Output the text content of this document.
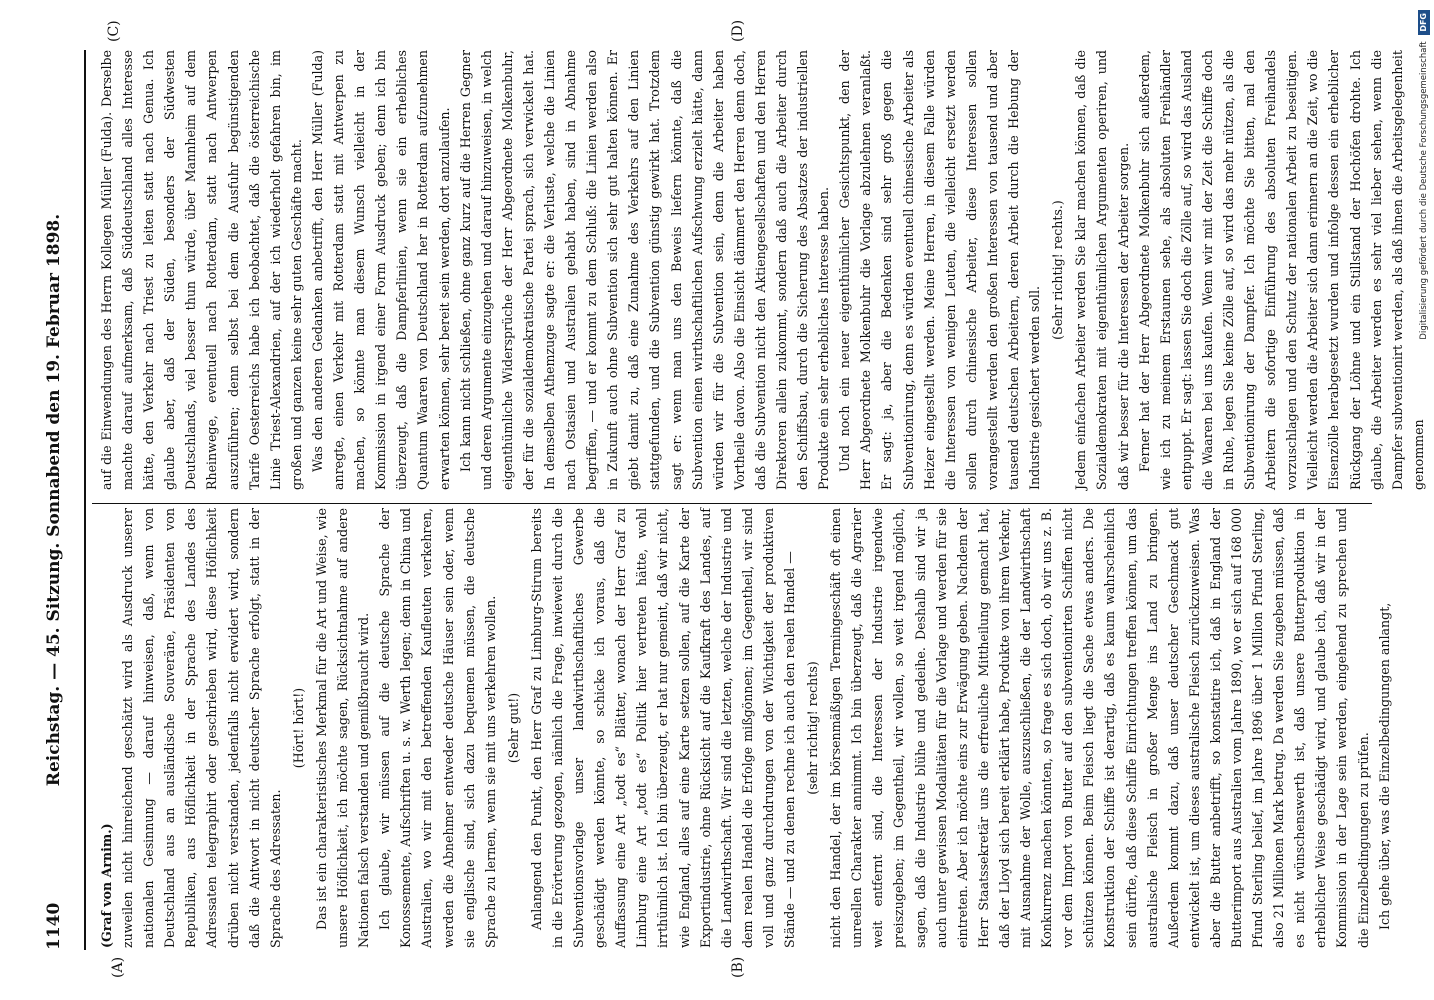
1140
Reichstag. — 45. Sitzung. Sonnabend den 19. Februar 1898.
(A)	(B)
(C)	(D)

(Graf von Arnim.) zuweilen nicht hinreichend geschätzt wird als Ausdruck unserer nationalen Gesinnung — darauf hinweisen, daß, wenn von Deutschland aus an ausländische Souveräne, Präsidenten von Republiken, aus Höflichkeit in der Sprache des Landes des Adressaten telegraphirt oder geschrieben wird, diese Höflichkeit drüben nicht verstanden, jedenfalls nicht erwidert wird, sondern daß die Antwort in nicht deutscher Sprache erfolgt, statt in der Sprache des Adressaten.

(Hört! hört!) Das ist ein charakteristisches Merkmal für die Art und Weise, wie unsere Höflichkeit, ich möchte sagen, Rücksichtnahme auf andere Nationen falsch verstanden und gemißbraucht wird. Ich glaube, wir müssen auf die deutsche Sprache der Konossemente, Aufschriften u. s. w. Werth legen; denn in China und Australien, wo wir mit den betreffenden Kaufleuten verkehren, werden die Abnehmer entweder deutsche Häuser sein oder, wenn sie englische sind, sich dazu bequemen müssen, die deutsche Sprache zu lernen, wenn sie mit uns verkehren wollen. (Sehr gut!) Anlangend den Punkt, den Herr Graf zu Limburg-Stirum bereits in die Erörterung gezogen, nämlich die Frage, inwieweit durch die Subventionsvorlage unser landwirthschaftliches Gewerbe geschädigt werden könnte, so schicke ich voraus, daß die Auffassung eine Art „todt es“ Blätter, wonach der Herr Graf zu Limburg eine Art „todt es“ Politik hier vertreten hätte, wohl irrthümlich ist. Ich bin überzeugt, er hat nur gemeint, daß wir nicht, wie England, alles auf eine Karte setzen sollen, auf die Karte der Exportindustrie, ohne Rücksicht auf die Kaufkraft des Landes, auf die Landwirthschaft. Wir sind die letzten, welche der Industrie und dem realen Handel die Erfolge mißgönnen; im Gegentheil, wir sind voll und ganz durchdrungen von der Wichtigkeit der produktiven Stände — und zu denen rechne ich auch den realen Handel — (sehr richtig! rechts) nicht den Handel, der im börsenmäßigen Termingeschäft oft einen unreellen Charakter annimmt. Ich bin überzeugt, daß die Agrarier weit entfernt sind, die Interessen der Industrie irgendwie preiszugeben; im Gegentheil, wir wollen, so weit irgend möglich, sagen, daß die Industrie blühe und gedeihe. Deshalb sind wir ja auch unter gewissen Modalitäten für die Vorlage und werden für sie eintreten. Aber ich möchte eins zur Erwägung geben. Nachdem der Herr Staatssekretär uns die erfreuliche Mittheilung gemacht hat, daß der Lloyd sich bereit erklärt habe, Produkte von ihrem Verkehr, mit Ausnahme der Wolle, auszuschließen, die der Landwirthschaft Konkurrenz machen könnten, so frage es sich doch, ob wir uns z. B. vor dem Import von Butter auf den subventionirten Schiffen nicht schützen können. Beim Fleisch liegt die Sache etwas anders. Die Konstruktion der Schiffe ist derartig, daß es kaum wahrscheinlich sein dürfte, daß diese Schiffe Einrichtungen treffen können, um das australische Fleisch in großer Menge ins Land zu bringen. Außerdem kommt dazu, daß unser deutscher Geschmack gut entwickelt ist, um dieses australische Fleisch zurückzuweisen. Was aber die Butter anbetrifft, so konstatire ich, daß in England der Butterimport aus Australien vom Jahre 1890, wo er sich auf 168 000 Pfund Sterling belief, im Jahre 1896 über 1 Million Pfund Sterling, also 21 Millionen Mark betrug. Da werden Sie zugeben müssen, daß es nicht wünschenswerth ist, daß unsere Butterproduktion in erheblicher Weise geschädigt wird, und glaube ich, daß wir in der Kommission in der Lage sein werden, eingehend zu sprechen und die Einzelbedingungen zu prüfen. Ich gehe über, was die Einzelbedingungen anlangt,

auf die Einwendungen des Herrn Kollegen Müller (Fulda). Derselbe machte darauf aufmerksam, daß Süddeutschland alles Interesse hätte, den Verkehr nach Triest zu leiten statt nach Genua. Ich glaube aber, daß der Süden, besonders der Südwesten Deutschlands, viel besser thun würde, über Mannheim auf dem Rheinwege, eventuell nach Rotterdam, statt nach Antwerpen auszuführen; denn selbst bei dem die Ausfuhr begünstigenden Tarife Oesterreichs habe ich beobachtet, daß die österreichische Linie Triest-Alexandrien, auf der ich wiederholt gefahren bin, im großen und ganzen keine sehr guten Geschäfte macht. Was den anderen Gedanken anbetrifft, den Herr Müller (Fulda) anregte, einen Verkehr mit Rotterdam statt mit Antwerpen zu machen, so könnte man diesem Wunsch vielleicht in der Kommission in irgend einer Form Ausdruck geben; denn ich bin überzeugt, daß die Dampferlinien, wenn sie ein erhebliches Quantum Waaren von Deutschland her in Rotterdam aufzunehmen erwarten können, sehr bereit sein werden, dort anzulaufen. Ich kann nicht schließen, ohne ganz kurz auf die Herren Gegner und deren Argumente einzugehen und darauf hinzuweisen, in welch eigenthümliche Widersprüche der Herr Abgeordnete Molkenbuhr, der für die sozialdemokratische Partei sprach, sich verwickelt hat. In demselben Athemzuge sagte er: die Verluste, welche die Linien nach Ostasien und Australien gehabt haben, sind in Abnahme begriffen, — und er kommt zu dem Schluß: die Linien werden also in Zukunft auch ohne Subvention sich sehr gut halten können. Er giebt damit zu, daß eine Zunahme des Verkehrs auf den Linien stattgefunden, und die Subvention günstig gewirkt hat. Trotzdem sagt er: wenn man uns den Beweis liefern könnte, daß die Subvention einen wirthschaftlichen Aufschwung erzielt hätte, dann würden wir für die Subvention sein, denn die Arbeiter haben Vortheile davon. Also die Einsicht dämmert den Herren denn doch, daß die Subvention nicht den Aktiengesellschaften und den Herren Direktoren allein zukommt, sondern daß auch die Arbeiter durch den Schiffsbau, durch die Sicherung des Absatzes der industriellen Produkte ein sehr erhebliches Interesse haben. Und noch ein neuer eigenthümlicher Gesichtspunkt, den der Herr Abgeordnete Molkenbuhr die Vorlage abzulehnen veranlaßt. Er sagt: ja, aber die Bedenken sind sehr groß gegen die Subventionirung, denn es würden eventuell chinesische Arbeiter als Heizer eingestellt werden. Meine Herren, in diesem Falle würden die Interessen von wenigen Leuten, die vielleicht ersetzt werden sollen durch chinesische Arbeiter, diese Interessen sollen vorangestellt werden den großen Interessen von tausend und aber tausend deutschen Arbeitern, deren Arbeit durch die Hebung der Industrie gesichert werden soll.

(Sehr richtig! rechts.) Jedem einfachen Arbeiter werden Sie klar machen können, daß die Sozialdemokraten mit eigenthümlichen Argumenten operiren, und daß wir besser für die Interessen der Arbeiter sorgen. Ferner hat der Herr Abgeordnete Molkenbuhr sich außerdem, wie ich zu meinem Erstaunen sehe, als absoluten Freihändler entpuppt. Er sagt: lassen Sie doch die Zölle auf, so wird das Ausland die Waaren bei uns kaufen. Wenn wir mit der Zeit die Schiffe doch in Ruhe, legen Sie keine Zölle auf, so wird das mehr nützen, als die Subventionirung der Dampfer. Ich möchte Sie bitten, mal den Arbeitern die sofortige Einführung des absoluten Freihandels vorzuschlagen und den Schutz der nationalen Arbeit zu beseitigen. Vielleicht werden die Arbeiter sich dann erinnern an die Zeit, wo die Eisenzölle herabgesetzt wurden und infolge dessen ein erheblicher Rückgang der Löhne und ein Stillstand der Hochöfen drohte. Ich glaube, die Arbeiter werden es sehr viel lieber sehen, wenn die Dampfer subventionirt werden, als daß ihnen die Arbeitsgelegenheit genommen

Digitalisierung gefördert durch die Deutsche Forschungsgemeinschaft DFG
